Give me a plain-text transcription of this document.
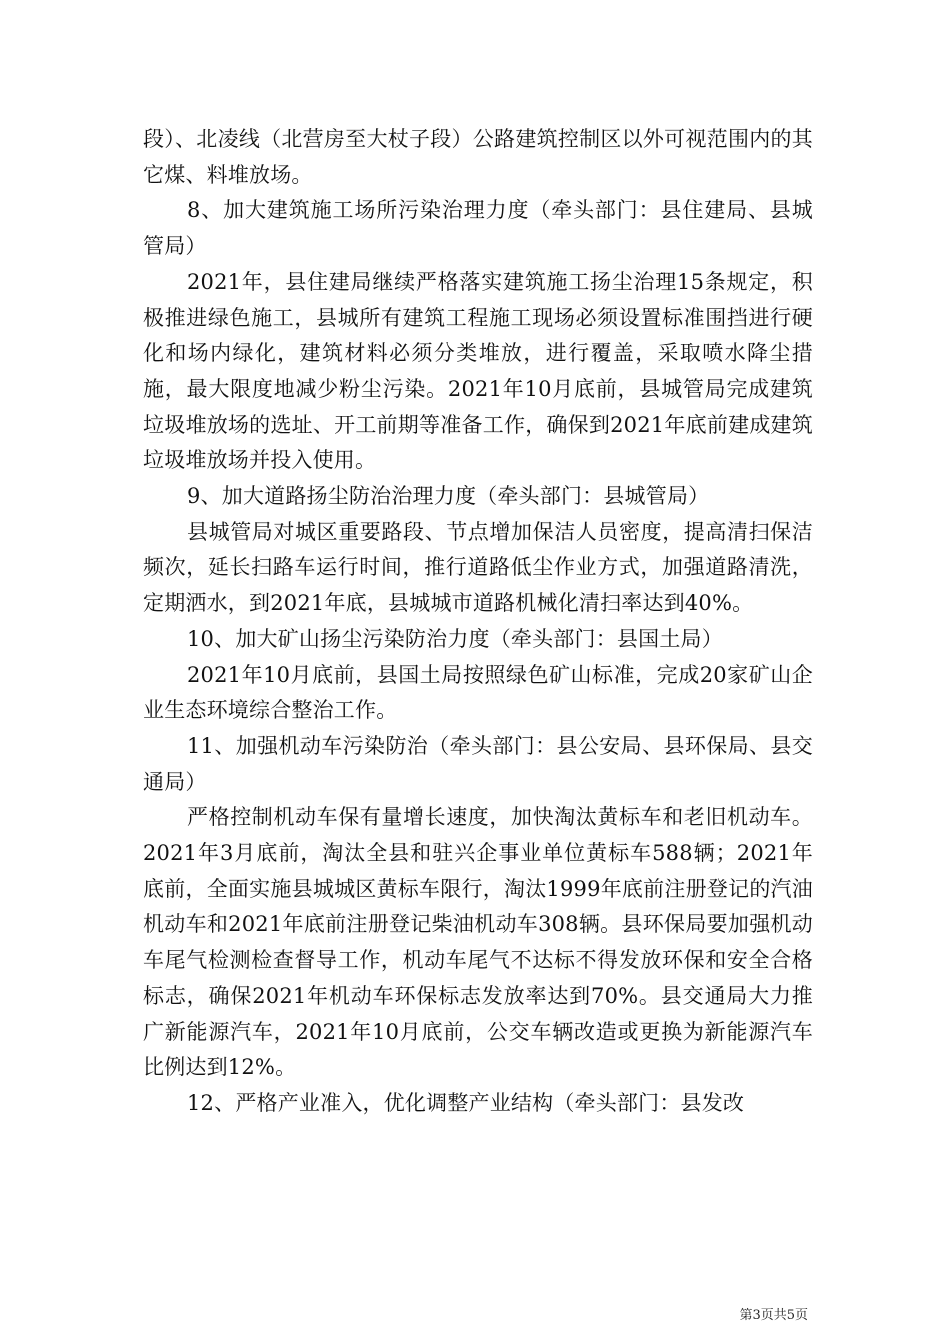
段）、北凌线（北营房至大杖子段）公路建筑控制区以外可视范围内的其它煤、料堆放场。

8、加大建筑施工场所污染治理力度（牵头部门：县住建局、县城管局）

2021年，县住建局继续严格落实建筑施工扬尘治理15条规定，积极推进绿色施工，县城所有建筑工程施工现场必须设置标准围挡进行硬化和场内绿化，建筑材料必须分类堆放，进行覆盖，采取喷水降尘措施，最大限度地减少粉尘污染。2021年10月底前，县城管局完成建筑垃圾堆放场的选址、开工前期等准备工作，确保到2021年底前建成建筑垃圾堆放场并投入使用。

9、加大道路扬尘防治治理力度（牵头部门：县城管局）

县城管局对城区重要路段、节点增加保洁人员密度，提高清扫保洁频次，延长扫路车运行时间，推行道路低尘作业方式，加强道路清洗，定期洒水，到2021年底，县城城市道路机械化清扫率达到40%。

10、加大矿山扬尘污染防治力度（牵头部门：县国土局）

2021年10月底前，县国土局按照绿色矿山标准，完成20家矿山企业生态环境综合整治工作。

11、加强机动车污染防治（牵头部门：县公安局、县环保局、县交通局）

严格控制机动车保有量增长速度，加快淘汰黄标车和老旧机动车。2021年3月底前，淘汰全县和驻兴企事业单位黄标车588辆；2021年底前，全面实施县城城区黄标车限行，淘汰1999年底前注册登记的汽油机动车和2021年底前注册登记柴油机动车308辆。县环保局要加强机动车尾气检测检查督导工作，机动车尾气不达标不得发放环保和安全合格标志，确保2021年机动车环保标志发放率达到70%。县交通局大力推广新能源汽车，2021年10月底前，公交车辆改造或更换为新能源汽车比例达到12%。

12、严格产业准入，优化调整产业结构（牵头部门：县发改

第3页共5页
